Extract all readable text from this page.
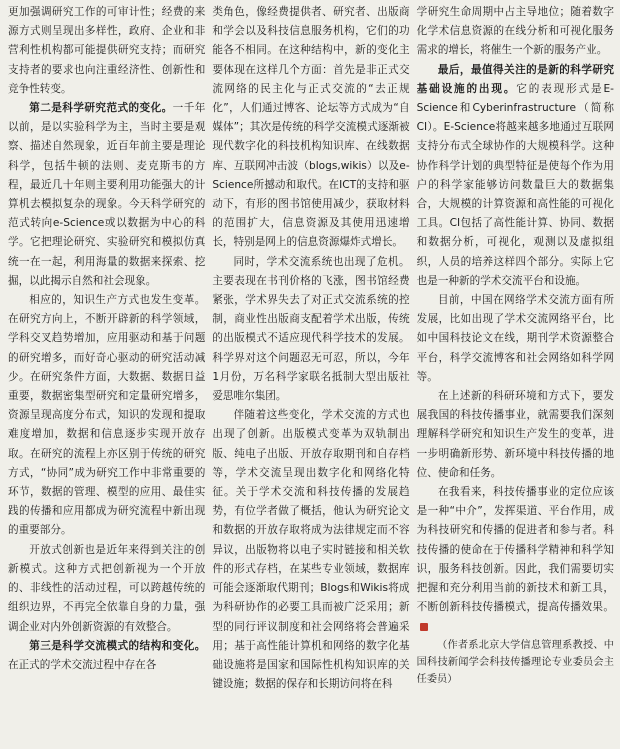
更加强调研究工作的可审计性；经费的来源方式则呈现出多样性，政府、企业和非营利性机构都可能提供研究支持；而研究支持者的要求也向注重经济性、创新性和竞争性转变。

第二是科学研究范式的变化。一千年以前，是以实验科学为主，当时主要是观察、描述自然现象，近百年前主要是理论科学，包括牛顿的法则、麦克斯韦的方程，最近几十年则主要利用功能强大的计算机去模拟复杂的现象。今天科学研究的范式转向e-Science或以数据为中心的科学。它把理论研究、实验研究和模拟仿真统一在一起，利用海量的数据来探索、挖掘，以此揭示自然和社会现象。

相应的，知识生产方式也发生变革。在研究方向上，不断开辟新的科学领域，学科交叉趋势增加，应用驱动和基于问题的研究增多，而好奇心驱动的研究活动减少。在研究条件方面，大数据、数据日益重要，数据密集型研究和定量研究增多，资源呈现高度分布式，知识的发现和提取难度增加，数据和信息逐步实现开放存取。在研究的流程上亦区别于传统的研究方式，“协同”成为研究工作中非常重要的环节，数据的管理、模型的应用、最佳实践的传播和应用都成为研究流程中新出现的重要部分。

开放式创新也是近年来得到关注的创新模式。这种方式把创新视为一个开放的、非线性的活动过程，可以跨越传统的组织边界，不再完全依靠自身的力量，强调企业对内外创新资源的有效整合。

第三是科学交流模式的结构和变化。在正式的学术交流过程中存在各

类角色，像经费提供者、研究者、出版商和学会以及科技信息服务机构，它们的功能各不相同。在这种结构中，新的变化主要体现在这样几个方面：首先是非正式交流网络的民主化与正式交流的“去正规化”，人们通过博客、论坛等方式成为“自媒体”；其次是传统的科学交流模式逐渐被现代数字化的科技机构知识库、在线数据库、互联网冲击波（blogs,wikis）以及e-Science所撼动和取代。在ICT的支持和驱动下，有形的图书馆使用减少，获取材料的范围扩大，信息资源及其使用迅速增长，特别是网上的信息资源爆炸式增长。

同时，学术交流系统也出现了危机。主要表现在书刊价格的飞涨，图书馆经费紧张，学术界失去了对正式交流系统的控制，商业性出版商支配着学术出版，传统的出版模式不适应现代科学技术的发展。科学界对这个问题忍无可忍，所以，今年1月份，万名科学家联名抵制大型出版社爱思唯尔集团。

伴随着这些变化，学术交流的方式也出现了创新。出版模式变革为双轨制出版、纯电子出版、开放存取期刊和自存档等，学术交流呈现出数字化和网络化特征。关于学术交流和科技传播的发展趋势，有位学者做了概括，他认为研究论文和数据的开放存取将成为法律规定而不容异议，出版物将以电子实时链接和相关软件的形式存档，在某些专业领域，数据库可能会逐渐取代期刊；Blogs和Wikis将成为科研协作的必要工具而被广泛采用；新型的同行评议制度和社会网络将会普遍采用；基于高性能计算机和网络的数字化基础设施将是国家和国际性机构知识库的关键设施；数据的保存和长期访问将在科

学研究生命周期中占主导地位；随着数字化学术信息资源的在线分析和可视化服务需求的增长，将催生一个新的服务产业。

最后，最值得关注的是新的科学研究基础设施的出现。它的表现形式是E-Science和Cyberinfrastructure（简称CI）。E-Science将越来越多地通过互联网支持分布式全球协作的大规模科学。这种协作科学计划的典型特征是使每个作为用户的科学家能够访问数量巨大的数据集合，大规模的计算资源和高性能的可视化工具。CI包括了高性能计算、协同、数据和数据分析，可视化，观测以及虚拟组织，人员的培养这样四个部分。实际上它也是一种新的学术交流平台和设施。

目前，中国在网络学术交流方面有所发展，比如出现了学术交流网络平台，比如中国科技论文在线，期刊学术资源整合平台，科学交流博客和社会网络如科学网等。

在上述新的科研环境和方式下，要发展我国的科技传播事业，就需要我们深刻理解科学研究和知识生产发生的变革，进一步明确新形势、新环境中科技传播的地位、使命和任务。

在我看来，科技传播事业的定位应该是一种“中介”，发挥渠道、平台作用，成为科技研究和传播的促进者和参与者。科技传播的使命在于传播科学精神和科学知识，服务科技创新。因此，我们需要切实把握和充分利用当前的新技术和新工具，不断创新科技传播模式，提高传播效果。

（作者系北京大学信息管理系教授、中国科技新闻学会科技传播理论专业委员会主任委员）
